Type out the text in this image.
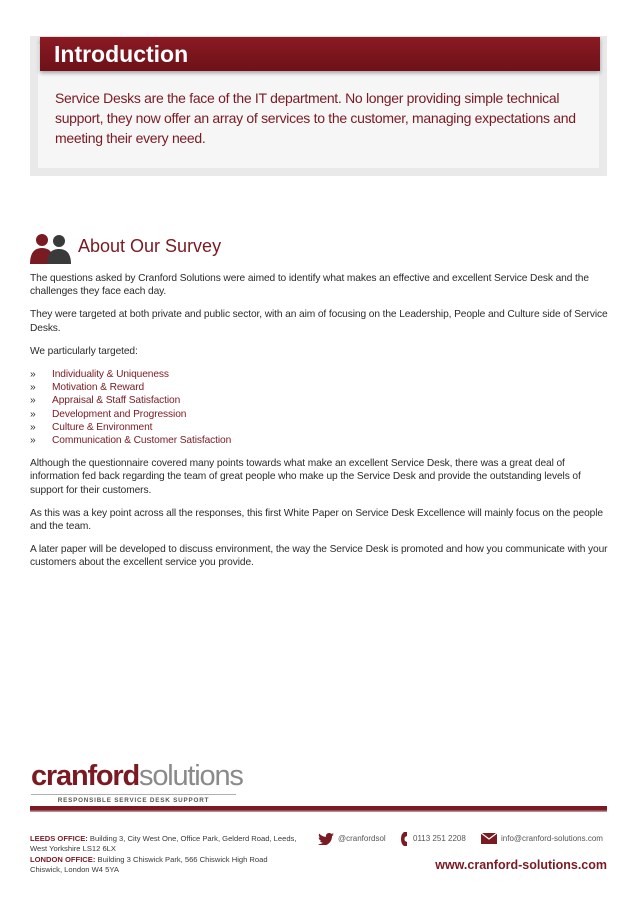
Introduction

Service Desks are the face of the IT department. No longer providing simple technical support, they now offer an array of services to the customer, managing expectations and meeting their every need.

About Our Survey

The questions asked by Cranford Solutions were aimed to identify what makes an effective and excellent Service Desk and the challenges they face each day.

They were targeted at both private and public sector, with an aim of focusing on the Leadership, People and Culture side of Service Desks.

We particularly targeted:

» Individuality & Uniqueness
» Motivation & Reward
» Appraisal & Staff Satisfaction
» Development and Progression
» Culture & Environment
» Communication & Customer Satisfaction

Although the questionnaire covered many points towards what make an excellent Service Desk, there was a great deal of information fed back regarding the team of great people who make up the Service Desk and provide the outstanding levels of support for their customers.

As this was a key point across all the responses, this first White Paper on Service Desk Excellence will mainly focus on the people and the team.

A later paper will be developed to discuss environment, the way the Service Desk is promoted and how you communicate with your customers about the excellent service you provide.

cranfordsolutions
RESPONSIBLE SERVICE DESK SUPPORT
LEEDS OFFICE: Building 3, City West One, Office Park, Gelderd Road, Leeds, West Yorkshire LS12 6LX
LONDON OFFICE: Building 3 Chiswick Park, 566 Chiswick High Road Chiswick, London W4 5YA
@cranfordsol	0113 251 2208	info@cranford-solutions.com
www.cranford-solutions.com
